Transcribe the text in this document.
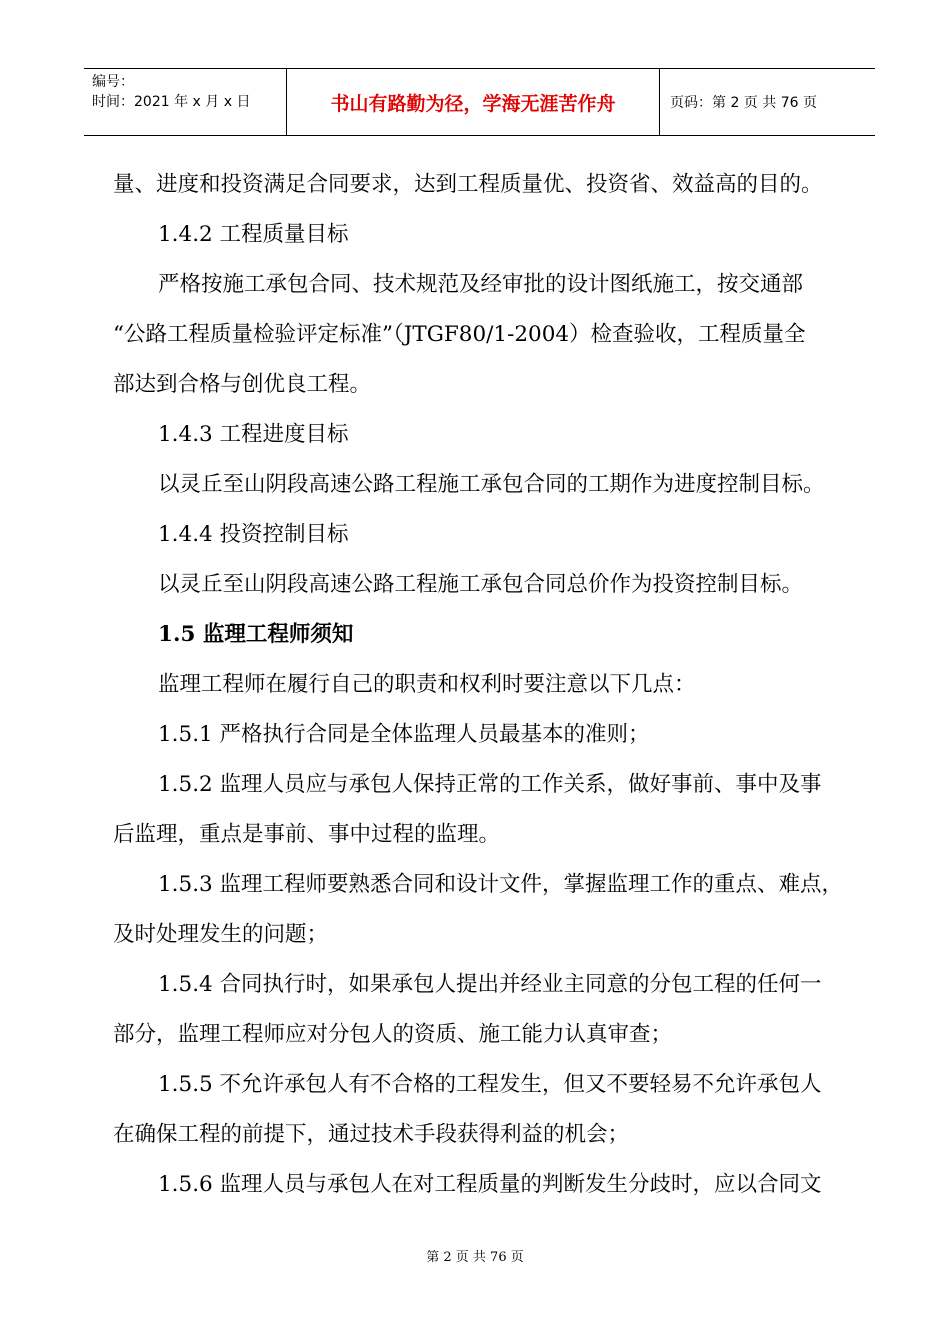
编号：
时间：2021 年 x 月 x 日	书山有路勤为径，学海无涯苦作舟	页码：第 2 页 共 76 页

量、进度和投资满足合同要求，达到工程质量优、投资省、效益高的目的。

1.4.2 工程质量目标

严格按施工承包合同、技术规范及经审批的设计图纸施工，按交通部

“公路工程质量检验评定标准”（JTGF80/1-2004）检查验收，工程质量全

部达到合格与创优良工程。

1.4.3 工程进度目标

以灵丘至山阴段高速公路工程施工承包合同的工期作为进度控制目标。

1.4.4 投资控制目标

以灵丘至山阴段高速公路工程施工承包合同总价作为投资控制目标。

1.5 监理工程师须知

监理工程师在履行自己的职责和权利时要注意以下几点：

1.5.1 严格执行合同是全体监理人员最基本的准则；

1.5.2 监理人员应与承包人保持正常的工作关系，做好事前、事中及事

后监理，重点是事前、事中过程的监理。

1.5.3 监理工程师要熟悉合同和设计文件，掌握监理工作的重点、难点，

及时处理发生的问题；

1.5.4 合同执行时，如果承包人提出并经业主同意的分包工程的任何一

部分，监理工程师应对分包人的资质、施工能力认真审查；

1.5.5 不允许承包人有不合格的工程发生，但又不要轻易不允许承包人

在确保工程的前提下，通过技术手段获得利益的机会；

1.5.6 监理人员与承包人在对工程质量的判断发生分歧时，应以合同文

第 2 页 共 76 页
